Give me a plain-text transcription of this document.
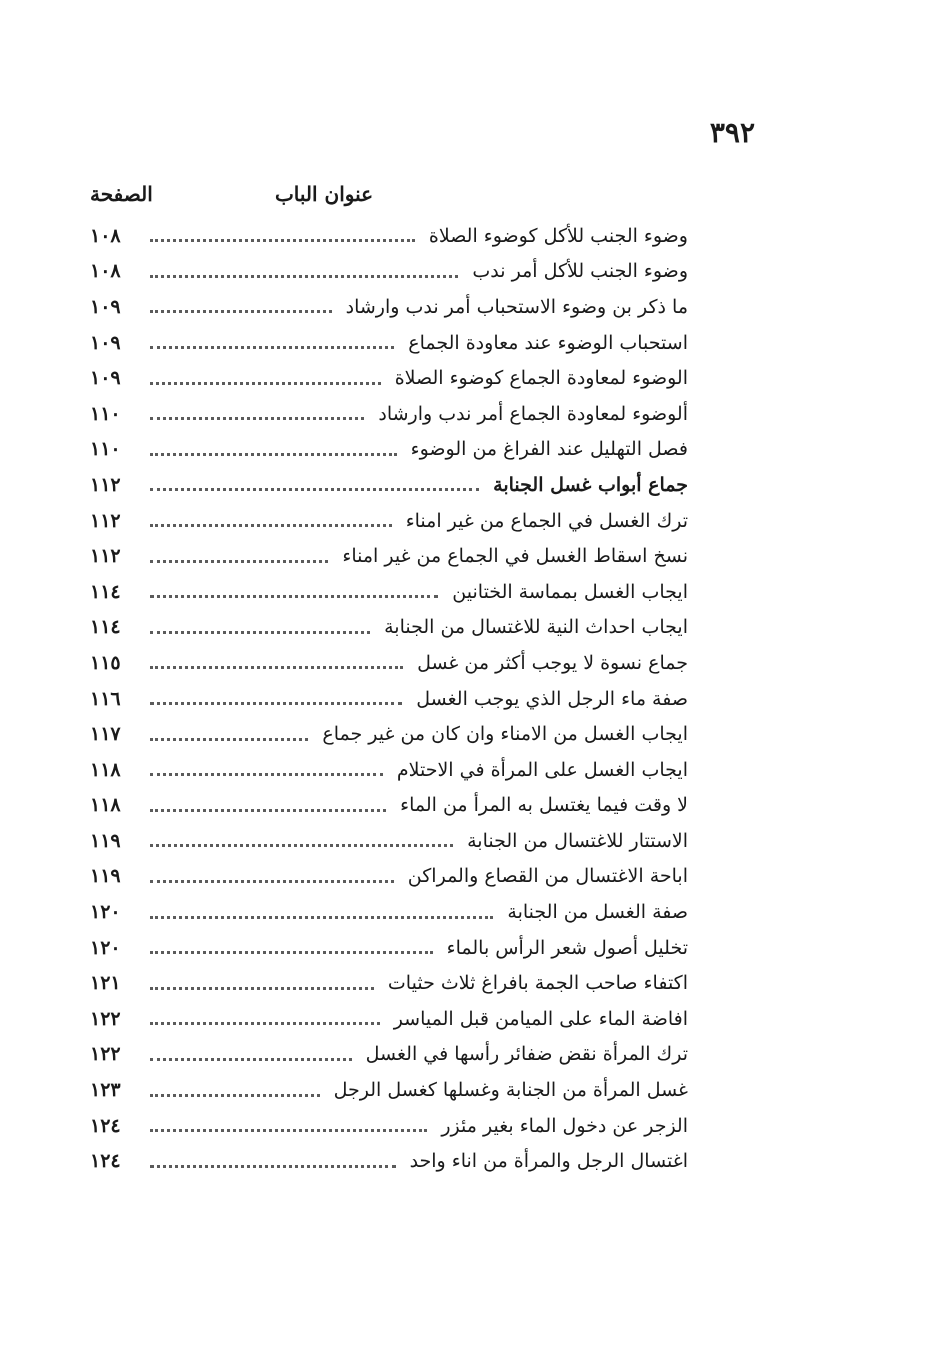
٣٩٢
عنوان الباب
الصفحة
وضوء الجنب للأكل كوضوء الصلاة
١٠٨
وضوء الجنب للأكل أمر ندب
١٠٨
ما ذكر بن وضوء الاستحباب أمر ندب وارشاد
١٠٩
استحباب الوضوء عند معاودة الجماع
١٠٩
الوضوء لمعاودة الجماع كوضوء الصلاة
١٠٩
ألوضوء لمعاودة الجماع أمر ندب وارشاد
١١٠
فصل التهليل عند الفراغ من الوضوء
١١٠
جماع أبواب غسل الجنابة
١١٢
ترك الغسل في الجماع من غير امناء
١١٢
نسخ اسقاط الغسل في الجماع من غير امناء
١١٢
ايجاب الغسل بمماسة الختانين
١١٤
ايجاب احداث النية للاغتسال من الجنابة
١١٤
جماع نسوة لا يوجب أكثر من غسل
١١٥
صفة ماء الرجل الذي يوجب الغسل
١١٦
ايجاب الغسل من الامناء وان كان من غير جماع
١١٧
ايجاب الغسل على المرأة في الاحتلام
١١٨
لا وقت فيما يغتسل به المرأ من الماء
١١٨
الاستتار للاغتسال من الجنابة
١١٩
اباحة الاغتسال من القصاع والمراكن
١١٩
صفة الغسل من الجنابة
١٢٠
تخليل أصول شعر الرأس بالماء
١٢٠
اكتفاء صاحب الجمة بافراغ ثلاث حثيات
١٢١
افاضة الماء على الميامن قبل المياسر
١٢٢
ترك المرأة نقض ضفائر رأسها في الغسل
١٢٢
غسل المرأة من الجنابة وغسلها كغسل الرجل
١٢٣
الزجر عن دخول الماء بغير مئزر
١٢٤
اغتسال الرجل والمرأة من اناء واحد
١٢٤
